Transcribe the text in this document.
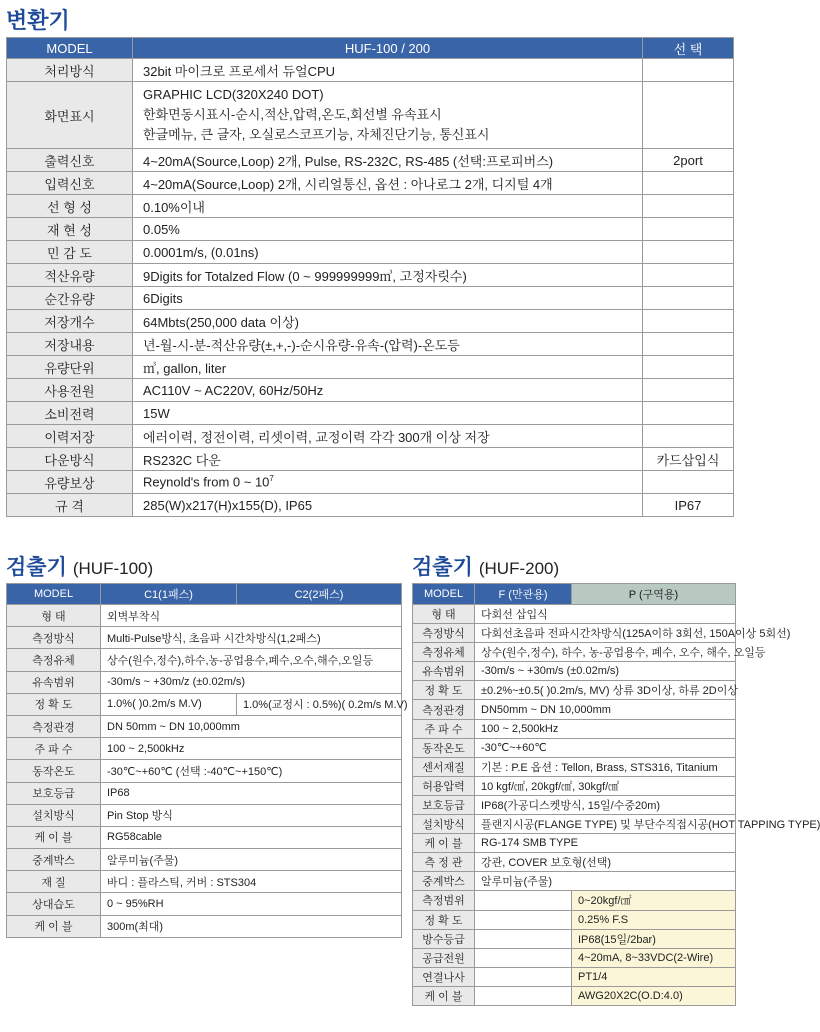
변환기
MODEL	HUF-100 / 200	선 택
처리방식	32bit 마이크로 프로세서 듀얼CPU	
화면표시	GRAPHIC LCD(320X240 DOT)
한화면동시표시-순시,적산,압력,온도,회선별 유속표시
한글메뉴, 큰 글자, 오실로스코프기능, 자체진단기능, 통신표시	

출력신호	4~20mA(Source,Loop) 2개, Pulse, RS-232C, RS-485 (선택:프로피버스)	2port
입력신호	4~20mA(Source,Loop) 2개, 시리얼통신, 옵션 : 아나로그 2개, 디지털 4개	
선 형 성	0.10%이내	
재 현 성	0.05%	
민 감 도	0.0001m/s, (0.01ns)	
적산유량	9Digits for Totalzed Flow (0 ~ 999999999㎥, 고정자릿수)	
순간유량	6Digits	
저장개수	64Mbts(250,000 data 이상)	
저장내용	년-월-시-분-적산유량(±,+,-)-순시유량-유속-(압력)-온도등	
유량단위	㎥, gallon, liter	
사용전원	AC110V ~ AC220V, 60Hz/50Hz	
소비전력	15W	
이력저장	에러이력, 정전이력, 리셋이력, 교정이력 각각 300개 이상 저장	
다운방식	RS232C 다운	카드삽입식
유량보상	Reynold's from 0 ~ $10^7$	
규 격	285(W)x217(H)x155(D), IP65	IP67
검출기 (HUF-100)
MODEL	C1(1패스)	C2(2패스)
형 태	외벽부착식	
측정방식	Multi-Pulse방식, 초음파 시간차방식(1,2패스)	
측정유체	상수(원수,정수),하수,농-공업용수,폐수,오수,해수,오일등	
유속범위	-30m/s ~ +30m/z (±0.02m/s)	
정 확 도	1.0%( )0.2m/s M.V)	1.0%(교정시 : 0.5%)( 0.2m/s M.V)
측정관경	DN 50mm ~ DN 10,000mm	
주 파 수	100 ~ 2,500kHz	
동작온도	-30℃~+60℃ (선택 :-40℃~+150℃)	
보호등급	IP68	
설치방식	Pin Stop 방식	
케 이 블	RG58cable	
중계박스	알루미늄(주물)	
재 질	바디 : 플라스틱, 커버 : STS304	
상대습도	0 ~ 95%RH	
케 이 블	300m(최대)	
검출기 (HUF-200)
MODEL	F (만관용)	P (구역용)
형 태	다회선 삽입식	
측정방식	다회선초음파 전파시간차방식(125A이하 3회선, 150A이상 5회선)	
측정유체	상수(원수,정수), 하수, 농-공업용수, 폐수, 오수, 해수, 오일등	
유속범위	-30m/s ~ +30m/s (±0.02m/s)	
정 확 도	±0.2%~±0.5( )0.2m/s, MV) 상류 3D이상, 하류 2D이상	
측정관경	DN50mm ~ DN 10,000mm	
주 파 수	100 ~ 2,500kHz	
동작온도	-30℃~+60℃	
센서재질	기본 : P.E 옵션 : Tellon, Brass, STS316, Titanium	
허용압력	10 kgf/㎠, 20kgf/㎠, 30kgf/㎠	
보호등급	IP68(가공디스켓방식, 15일/수중20m)	
설치방식	플랜지시공(FLANGE TYPE) 및 부단수직접시공(HOT TAPPING TYPE)	
케 이 블	RG-174 SMB TYPE	
측 정 관	강관, COVER 보호형(선택)	
중계박스	알루미늄(주물)	
측정범위		0~20kgf/㎠
정 확 도		0.25% F.S
방수등급		IP68(15일/2bar)
공급전원		4~20mA, 8~33VDC(2-Wire)
연결나사		PT1/4
케 이 블		AWG20X2C(O.D:4.0)
